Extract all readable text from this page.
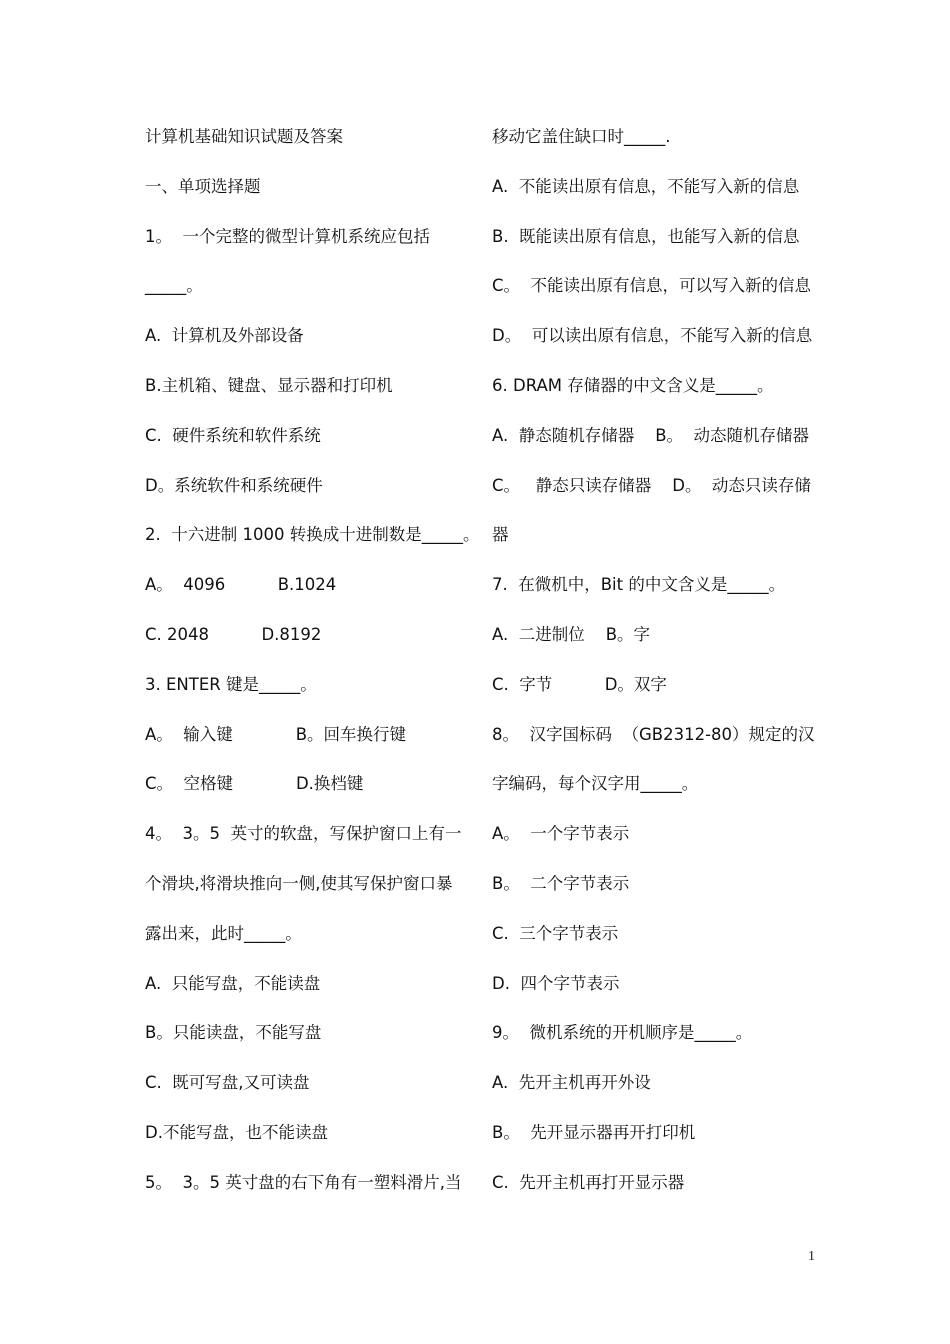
计算机基础知识试题及答案
一、单项选择题
1。  一个完整的微型计算机系统应包括
_____。
A.  计算机及外部设备
B.主机箱、键盘、显示器和打印机
C.  硬件系统和软件系统
D。系统软件和系统硬件
2.  十六进制 1000 转换成十进制数是_____。
A。  4096          B.1024
C. 2048          D.8192
3. ENTER 键是_____。
A。  输入键            B。回车换行键
C。  空格键            D.换档键
4。  3。5  英寸的软盘，写保护窗口上有一
个滑块,将滑块推向一侧,使其写保护窗口暴
露出来，此时_____。
A.  只能写盘，不能读盘
B。只能读盘，不能写盘
C.  既可写盘,又可读盘
D.不能写盘，也不能读盘
5。  3。5 英寸盘的右下角有一塑料滑片,当
移动它盖住缺口时_____.
A.  不能读出原有信息，不能写入新的信息
B.  既能读出原有信息，也能写入新的信息
C。  不能读出原有信息，可以写入新的信息
D。  可以读出原有信息，不能写入新的信息
6. DRAM 存储器的中文含义是_____。
A.  静态随机存储器    B。  动态随机存储器
C。   静态只读存储器    D。  动态只读存储
器
7.  在微机中，Bit 的中文含义是_____。
A.  二进制位    B。字
C.  字节          D。双字
8。  汉字国标码  （GB2312-80）规定的汉
字编码，每个汉字用_____。
A。  一个字节表示
B。  二个字节表示
C.  三个字节表示
D.  四个字节表示
9。  微机系统的开机顺序是_____。
A.  先开主机再开外设
B。  先开显示器再开打印机
C.  先开主机再打开显示器
1
